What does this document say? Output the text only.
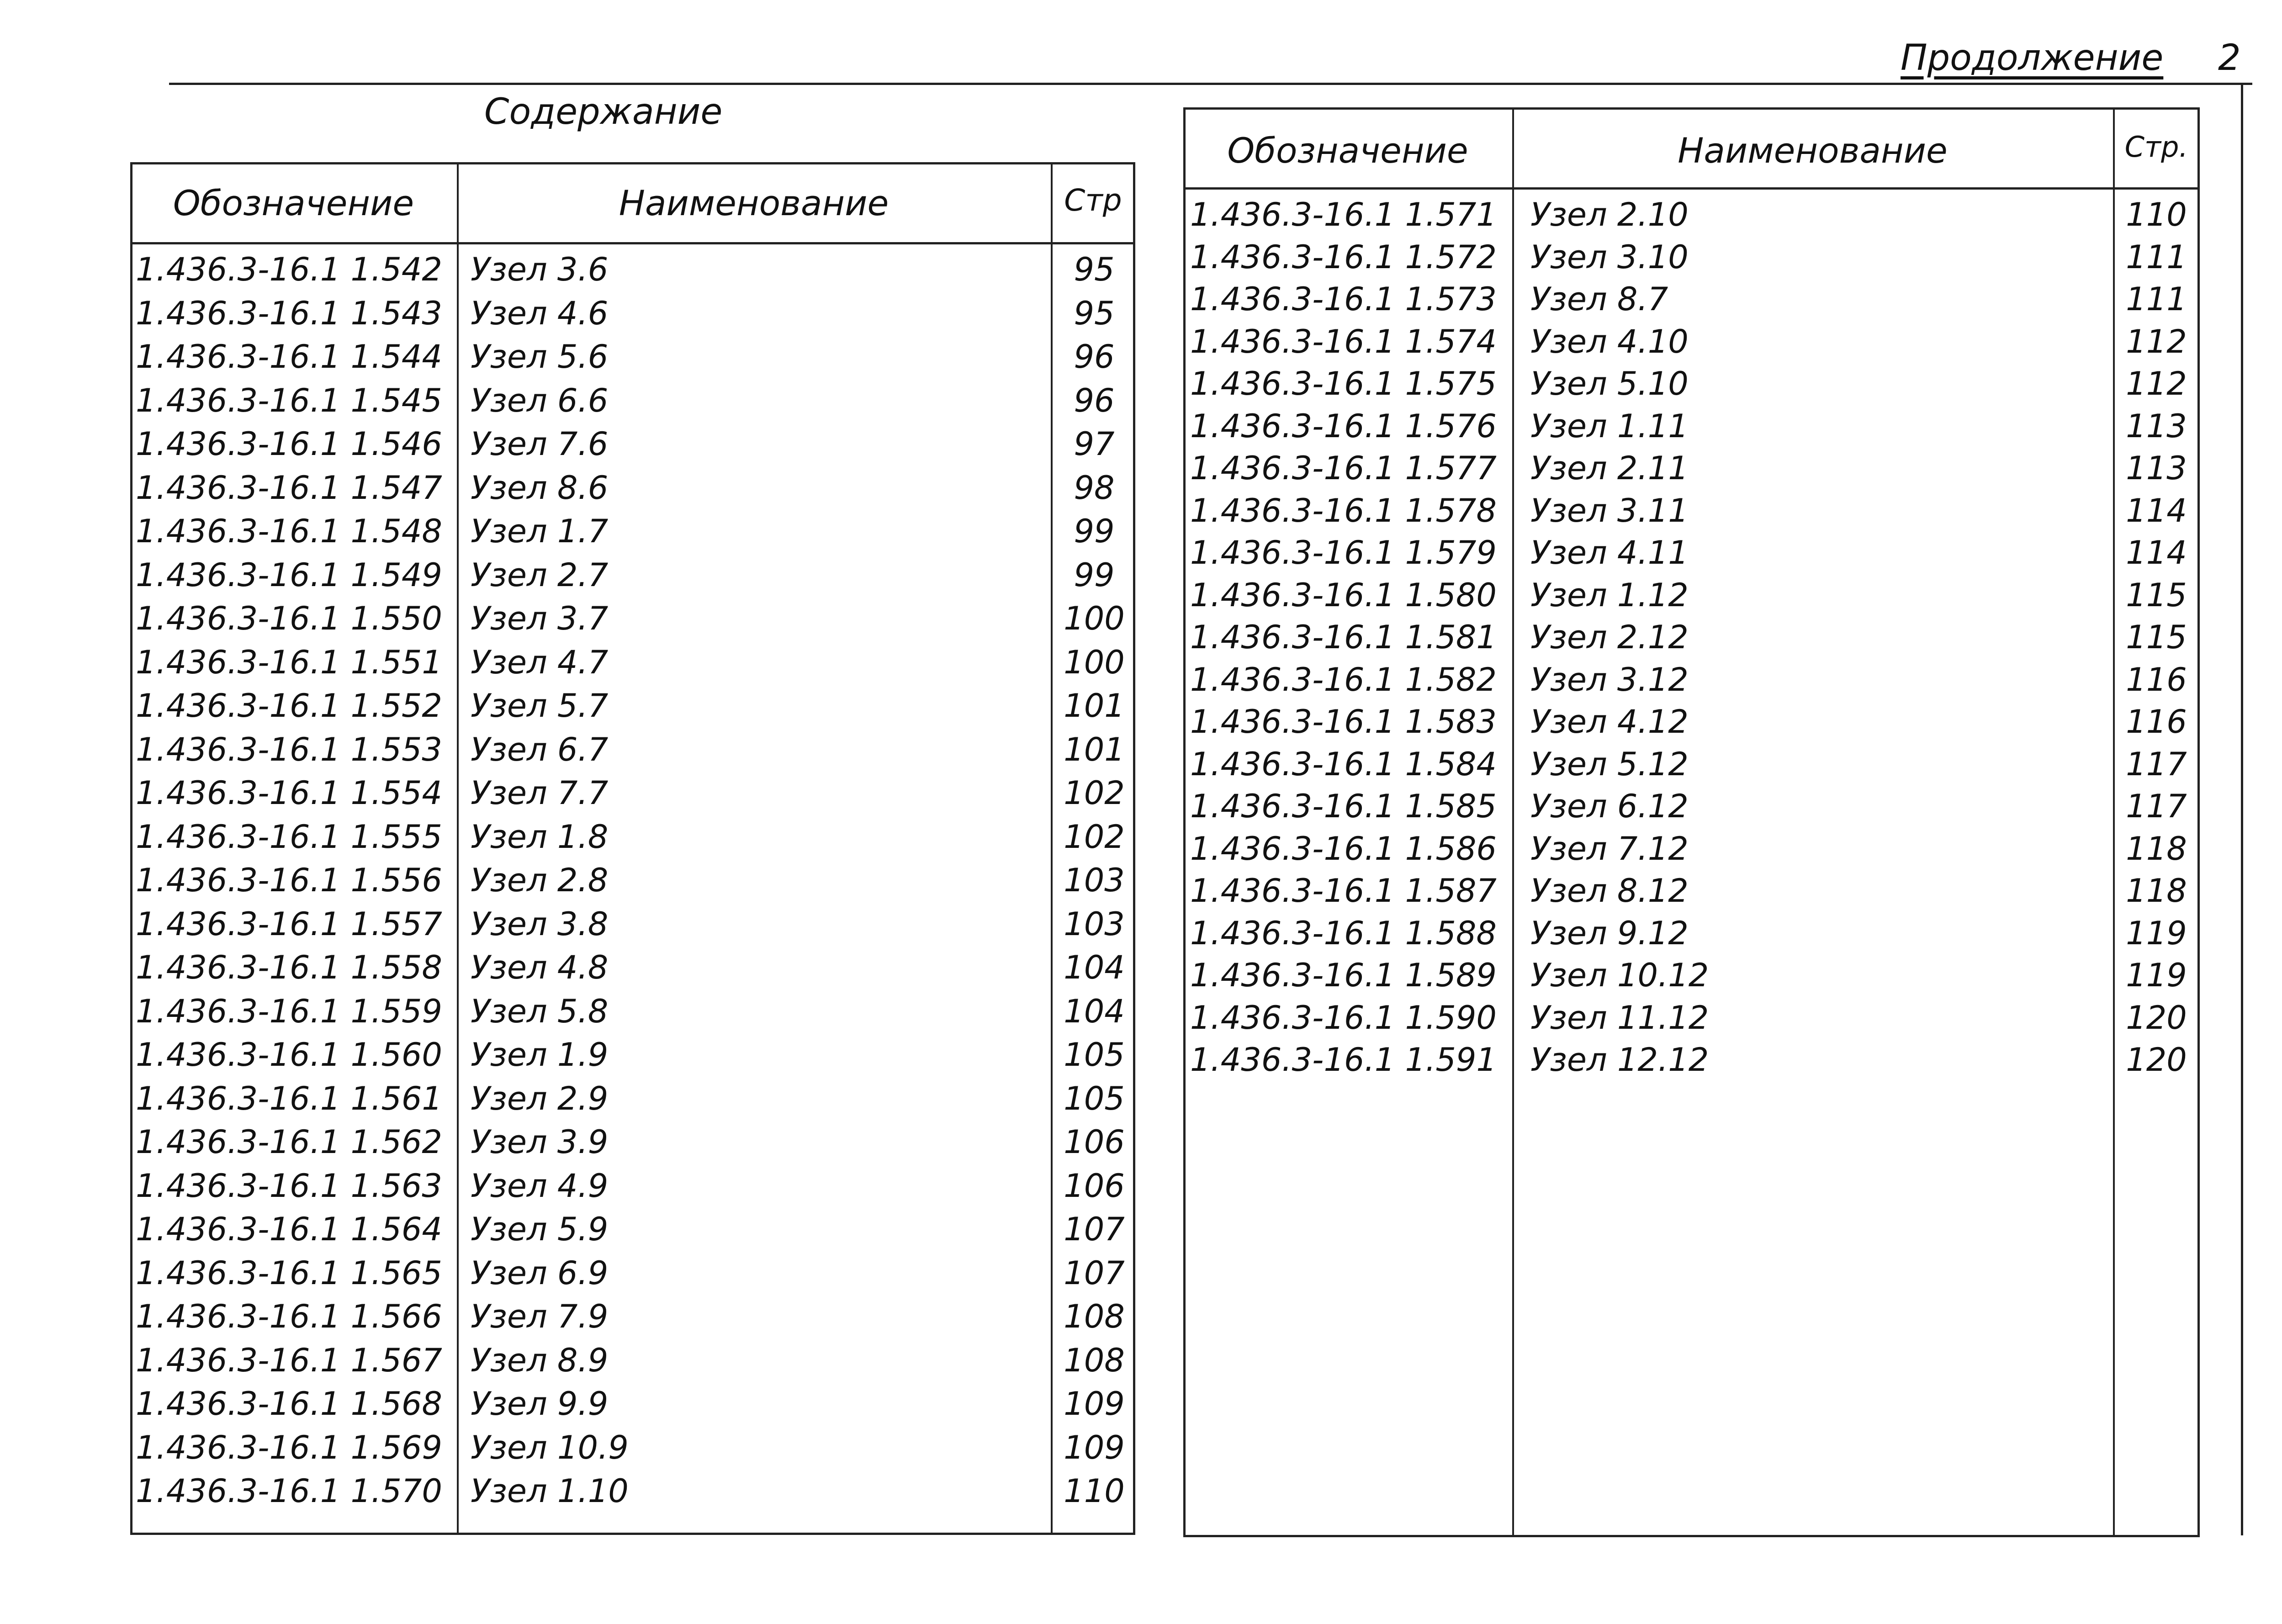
Продолжение 2
Содержание
Обозначение	Наименование	Стр
1.436.3-16.1 1.542 Узел 3.6	95
1.436.3-16.1 1.543 Узел 4.6	95
1.436.3-16.1 1.544 Узел 5.6	96
1.436.3-16.1 1.545 Узел 6.6	96
1.436.3-16.1 1.546 Узел 7.6	97
1.436.3-16.1 1.547 Узел 8.6	98
1.436.3-16.1 1.548 Узел 1.7	99
1.436.3-16.1 1.549 Узел 2.7	99
1.436.3-16.1 1.550 Узел 3.7	100
1.436.3-16.1 1.551 Узел 4.7	100
1.436.3-16.1 1.552 Узел 5.7	101
1.436.3-16.1 1.553 Узел 6.7	101
1.436.3-16.1 1.554 Узел 7.7	102
1.436.3-16.1 1.555 Узел 1.8	102
1.436.3-16.1 1.556 Узел 2.8	103
1.436.3-16.1 1.557 Узел 3.8	103
1.436.3-16.1 1.558 Узел 4.8	104
1.436.3-16.1 1.559 Узел 5.8	104
1.436.3-16.1 1.560 Узел 1.9	105
1.436.3-16.1 1.561 Узел 2.9	105
1.436.3-16.1 1.562 Узел 3.9	106
1.436.3-16.1 1.563 Узел 4.9	106
1.436.3-16.1 1.564 Узел 5.9	107
1.436.3-16.1 1.565 Узел 6.9	107
1.436.3-16.1 1.566 Узел 7.9	108
1.436.3-16.1 1.567 Узел 8.9	108
1.436.3-16.1 1.568 Узел 9.9	109
1.436.3-16.1 1.569 Узел 10.9	109
1.436.3-16.1 1.570 Узел 1.10	110
Обозначение	Наименование	Стр.
1.436.3-16.1 1.571 Узел 2.10	110
1.436.3-16.1 1.572 Узел 3.10	111
1.436.3-16.1 1.573 Узел 8.7	111
1.436.3-16.1 1.574 Узел 4.10	112
1.436.3-16.1 1.575 Узел 5.10	112
1.436.3-16.1 1.576 Узел 1.11	113
1.436.3-16.1 1.577 Узел 2.11	113
1.436.3-16.1 1.578 Узел 3.11	114
1.436.3-16.1 1.579 Узел 4.11	114
1.436.3-16.1 1.580 Узел 1.12	115
1.436.3-16.1 1.581 Узел 2.12	115
1.436.3-16.1 1.582 Узел 3.12	116
1.436.3-16.1 1.583 Узел 4.12	116
1.436.3-16.1 1.584 Узел 5.12	117
1.436.3-16.1 1.585 Узел 6.12	117
1.436.3-16.1 1.586 Узел 7.12	118
1.436.3-16.1 1.587 Узел 8.12	118
1.436.3-16.1 1.588 Узел 9.12	119
1.436.3-16.1 1.589 Узел 10.12	119
1.436.3-16.1 1.590 Узел 11.12	120
1.436.3-16.1 1.591 Узел 12.12	120
